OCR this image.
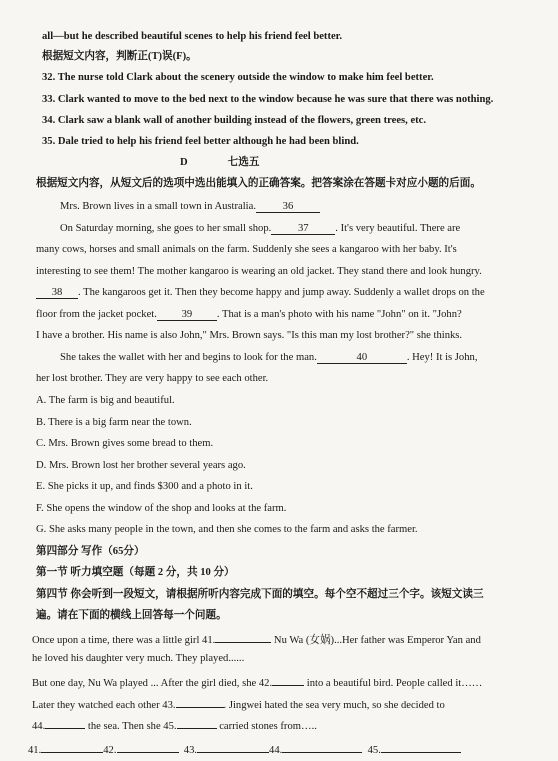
all—but he described beautiful scenes to help his friend feel better.
根据短文内容，判断正(T)误(F)。
32. The nurse told Clark about the scenery outside the window to make him feel better.
33. Clark wanted to move to the bed next to the window because he was sure that there was nothing.
34. Clark saw a blank wall of another building instead of the flowers, green trees, etc.
35. Dale tried to help his friend feel better although he had been blind.
D	七选五
根据短文内容，从短文后的选项中选出能填入的正确答案。把答案涂在答题卡对应小题的后面。
Mrs. Brown lives in a small town in Australia.	36
On Saturday morning, she goes to her small shop.	37	. It's very beautiful. There are
many cows, horses and small animals on the farm. Suddenly she sees a kangaroo with her baby. It's
interesting to see them! The mother kangaroo is wearing an old jacket. They stand there and look hungry.
38 . The kangaroos get it. Then they become happy and jump away. Suddenly a wallet drops on the
floor from the jacket pocket. 39 . That is a man's photo with his name "John" on it. "John?
I have a brother. His name is also John," Mrs. Brown says. "Is this man my lost brother?" she thinks.
She takes the wallet with her and begins to look for the man.	40	. Hey! It is John,
her lost brother. They are very happy to see each other.
A. The farm is big and beautiful.
B. There is a big farm near the town.
C. Mrs. Brown gives some bread to them.
D. Mrs. Brown lost her brother several years ago.
E. She picks it up, and finds $300 and a photo in it.
F. She opens the window of the shop and looks at the farm.
G. She asks many people in the town, and then she comes to the farm and asks the farmer.
第四部分 写作（65分）
第一节 听力填空题（每题 2 分，共 10 分）
第四节 你会听到一段短文，请根据所听内容完成下面的填空。每个空不超过三个字。该短文读三
遍。请在下面的横线上回答每一个问题。
Once upon a time, there was a little girl 41.	Nu Wa (女娲)...Her father was Emperor Yan and
he loved his daughter very much. They played......
But one day, Nu Wa played ... After the girl died, she 42.	into a beautiful bird. People called it……
Later they watched each other 43.	. Jingwei hated the sea very much, so she decided to
44.	the sea. Then she 45.	carried stones from…..
41.	42.	43.	44.	45.
